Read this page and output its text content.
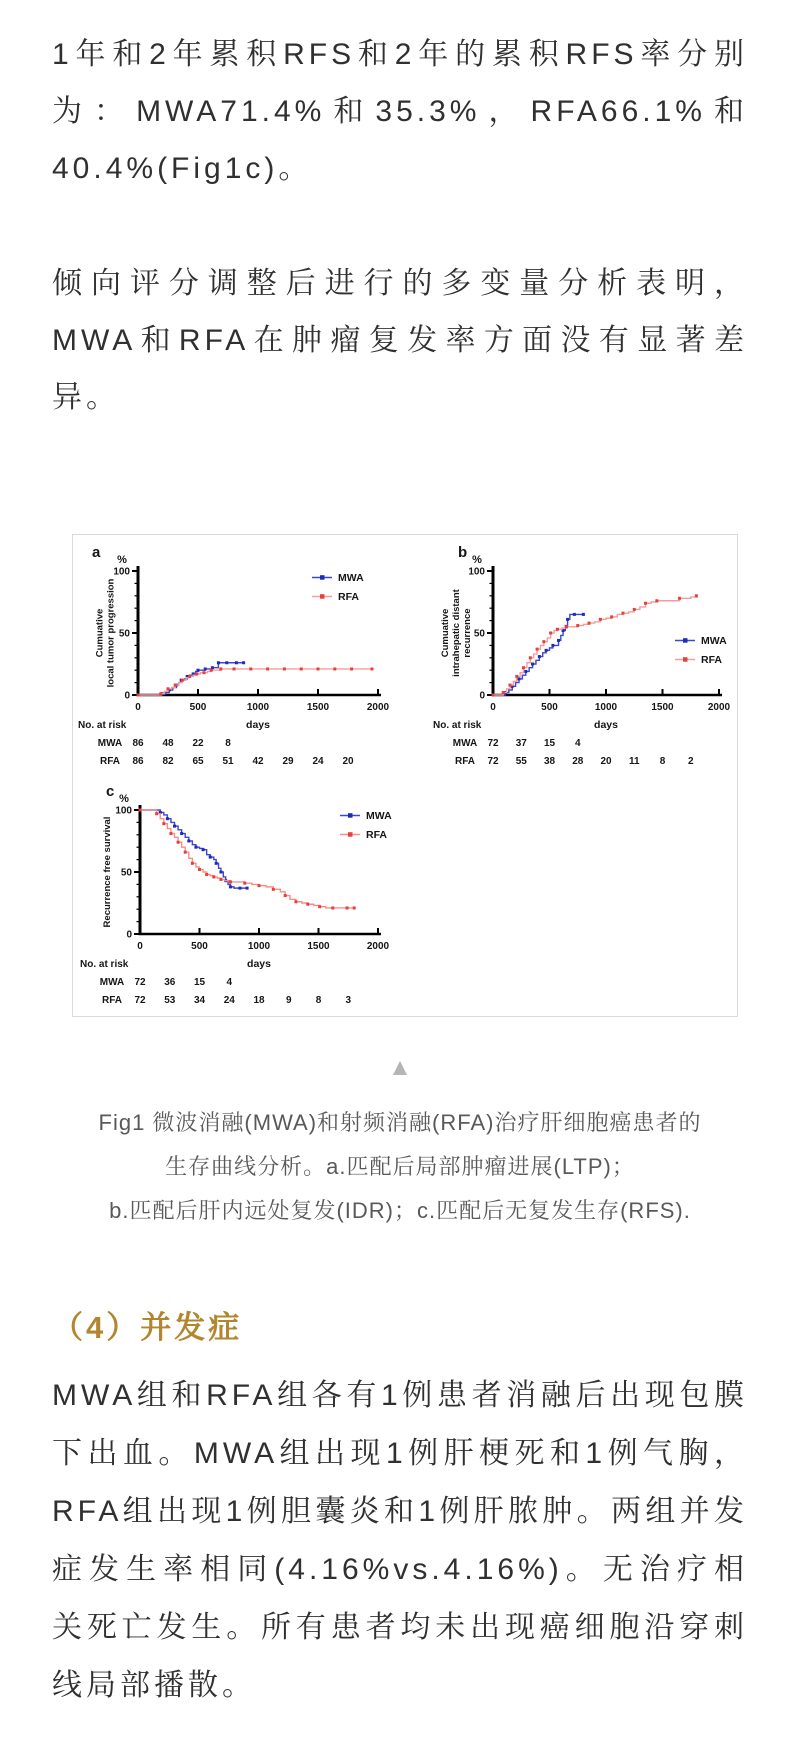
1年和2年累积RFS和2年的累积RFS率分别为：MWA71.4%和35.3%，RFA66.1%和40.4%(Fig1c)。

倾向评分调整后进行的多变量分析表明，MWA和RFA在肿瘤复发率方面没有显著差异。

0
50
100
0	500	1000	1500	2000
%
a
Cumuativelocal tumor progression
MWA
RFA
days
No. at risk
MWA 86 48 22 8
RFA 86 82 65 51 42 29 24 20
0
50
100
0	500	1000	1500	2000
%
b
Cumuativeintrahepatic distantrecurrence	MWA
RFA
days
No. at risk
MWA 72 37 15 4
RFA 72 55 38 28 20 11 8 2
0
50
100
0	500	1000	1500	2000
%
c
Recurrence free survival
MWA
RFA
days
No. at risk
MWA 72 36 15 4
RFA 72 53 34 24 18 9 8 3
▲
Fig1 微波消融(MWA)和射频消融(RFA)治疗肝细胞癌患者的
生存曲线分析。a.匹配后局部肿瘤进展(LTP)；
b.匹配后肝内远处复发(IDR)；c.匹配后无复发生存(RFS).
（4）并发症

MWA组和RFA组各有1例患者消融后出现包膜下出血。MWA组出现1例肝梗死和1例气胸，RFA组出现1例胆囊炎和1例肝脓肿。两组并发症发生率相同(4.16%vs.4.16%)。无治疗相关死亡发生。所有患者均未出现癌细胞沿穿刺线局部播散。
